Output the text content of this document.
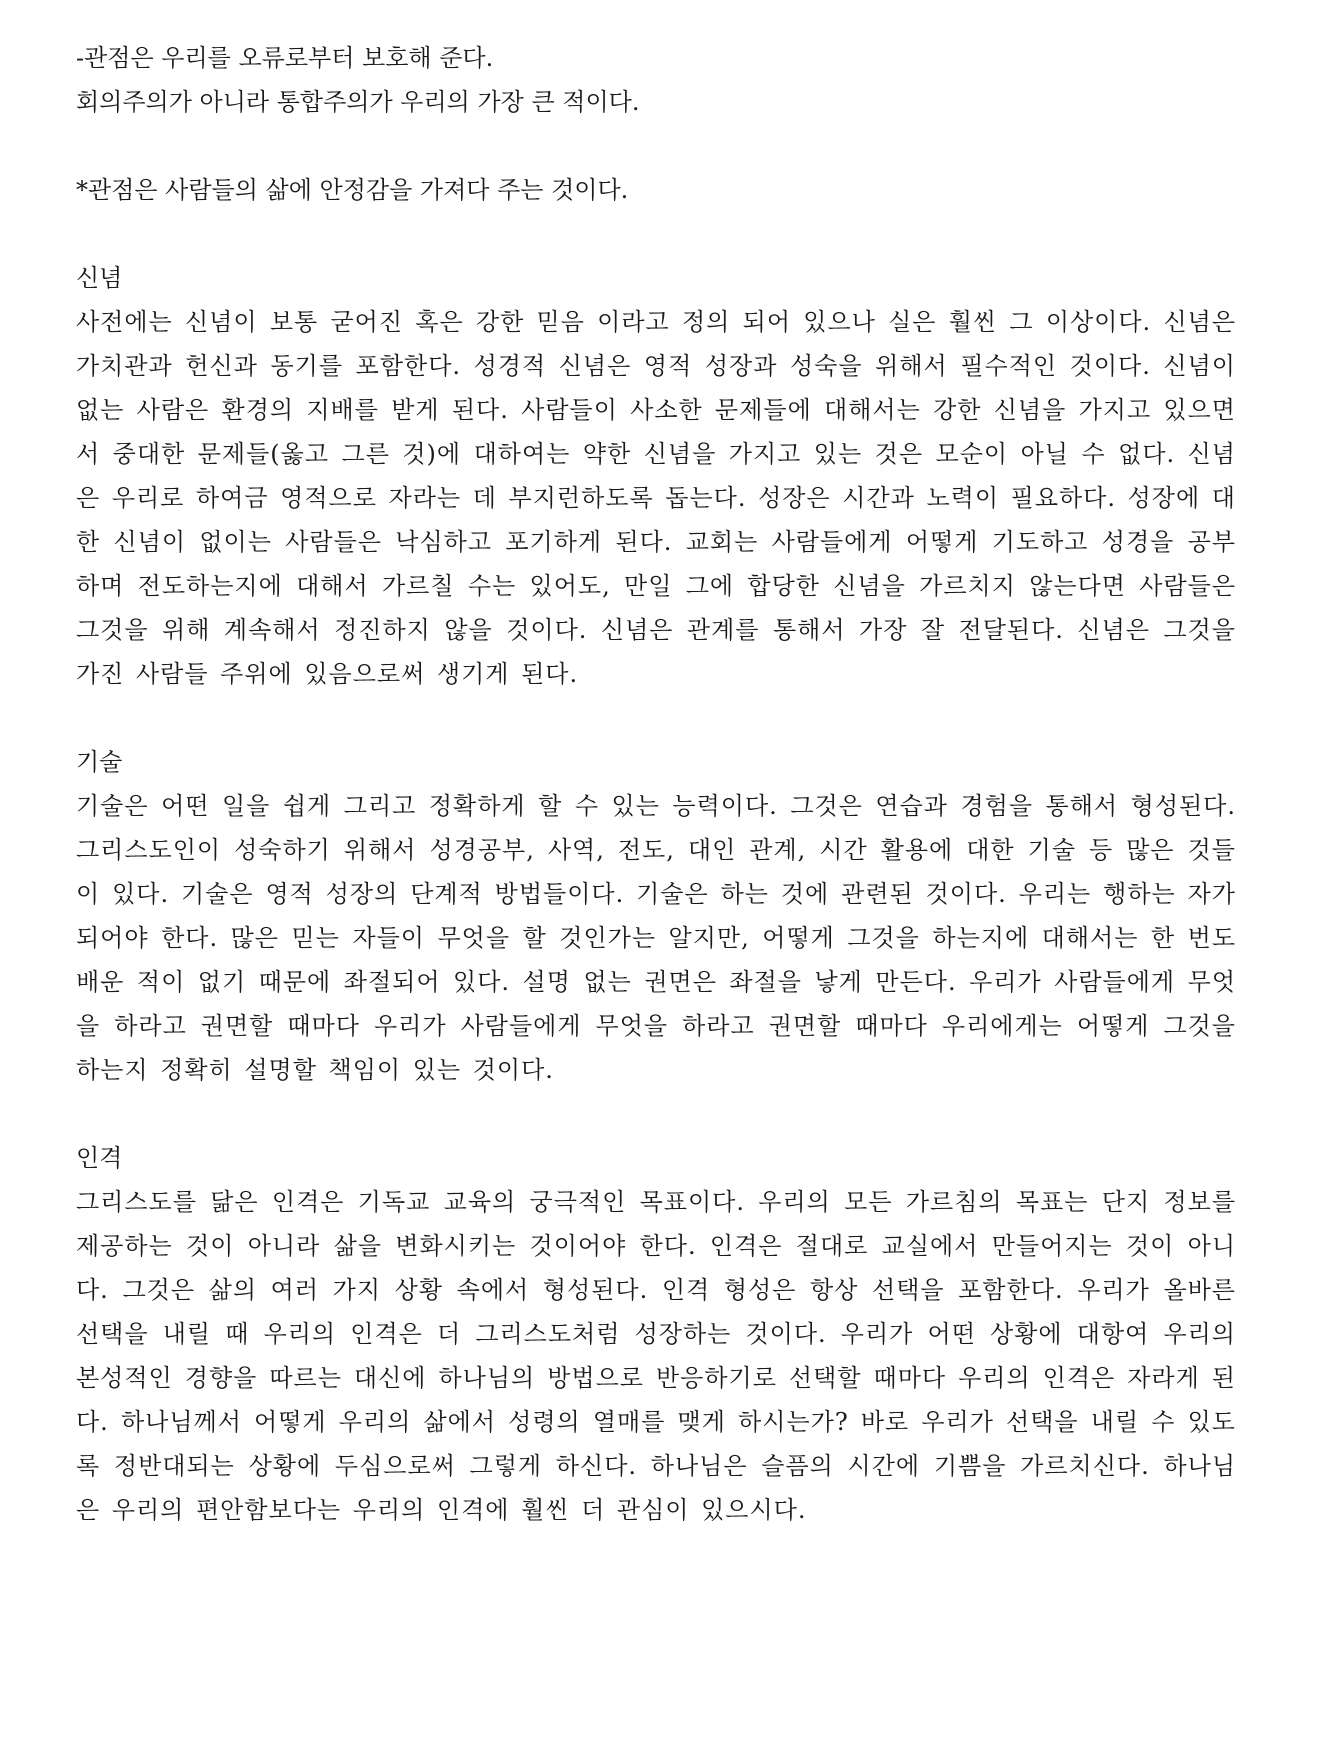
-관점은 우리를 오류로부터 보호해 준다.
회의주의가 아니라 통합주의가 우리의 가장 큰 적이다.
*관점은 사람들의 삶에 안정감을 가져다 주는 것이다.
신념
사전에는 신념이 보통 굳어진 혹은 강한 믿음 이라고 정의 되어 있으나 실은 훨씬 그 이상이다. 신념은 가치관과 헌신과 동기를 포함한다. 성경적 신념은 영적 성장과 성숙을 위해서 필수적인 것이다. 신념이 없는 사람은 환경의 지배를 받게 된다. 사람들이 사소한 문제들에 대해서는 강한 신념을 가지고 있으면서 중대한 문제들(옳고 그른 것)에 대하여는 약한 신념을 가지고 있는 것은 모순이 아닐 수 없다. 신념은 우리로 하여금 영적으로 자라는 데 부지런하도록 돕는다. 성장은 시간과 노력이 필요하다. 성장에 대한 신념이 없이는 사람들은 낙심하고 포기하게 된다. 교회는 사람들에게 어떻게 기도하고 성경을 공부하며 전도하는지에 대해서 가르칠 수는 있어도, 만일 그에 합당한 신념을 가르치지 않는다면 사람들은 그것을 위해 계속해서 정진하지 않을 것이다. 신념은 관계를 통해서 가장 잘 전달된다. 신념은 그것을 가진 사람들 주위에 있음으로써 생기게 된다.
기술
기술은 어떤 일을 쉽게 그리고 정확하게 할 수 있는 능력이다. 그것은 연습과 경험을 통해서 형성된다. 그리스도인이 성숙하기 위해서 성경공부, 사역, 전도, 대인 관계, 시간 활용에 대한 기술 등 많은 것들이 있다. 기술은 영적 성장의 단계적 방법들이다. 기술은 하는 것에 관련된 것이다. 우리는 행하는 자가 되어야 한다. 많은 믿는 자들이 무엇을 할 것인가는 알지만, 어떻게 그것을 하는지에 대해서는 한 번도 배운 적이 없기 때문에 좌절되어 있다. 설명 없는 권면은 좌절을 낳게 만든다. 우리가 사람들에게 무엇을 하라고 권면할 때마다 우리가 사람들에게 무엇을 하라고 권면할 때마다 우리에게는 어떻게 그것을 하는지 정확히 설명할 책임이 있는 것이다.
인격
그리스도를 닮은 인격은 기독교 교육의 궁극적인 목표이다. 우리의 모든 가르침의 목표는 단지 정보를 제공하는 것이 아니라 삶을 변화시키는 것이어야 한다. 인격은 절대로 교실에서 만들어지는 것이 아니다. 그것은 삶의 여러 가지 상황 속에서 형성된다. 인격 형성은 항상 선택을 포함한다. 우리가 올바른 선택을 내릴 때 우리의 인격은 더 그리스도처럼 성장하는 것이다. 우리가 어떤 상황에 대항여 우리의 본성적인 경향을 따르는 대신에 하나님의 방법으로 반응하기로 선택할 때마다 우리의 인격은 자라게 된다. 하나님께서 어떻게 우리의 삶에서 성령의 열매를 맺게 하시는가? 바로 우리가 선택을 내릴 수 있도록 정반대되는 상황에 두심으로써 그렇게 하신다. 하나님은 슬픔의 시간에 기쁨을 가르치신다. 하나님은 우리의 편안함보다는 우리의 인격에 훨씬 더 관심이 있으시다.
